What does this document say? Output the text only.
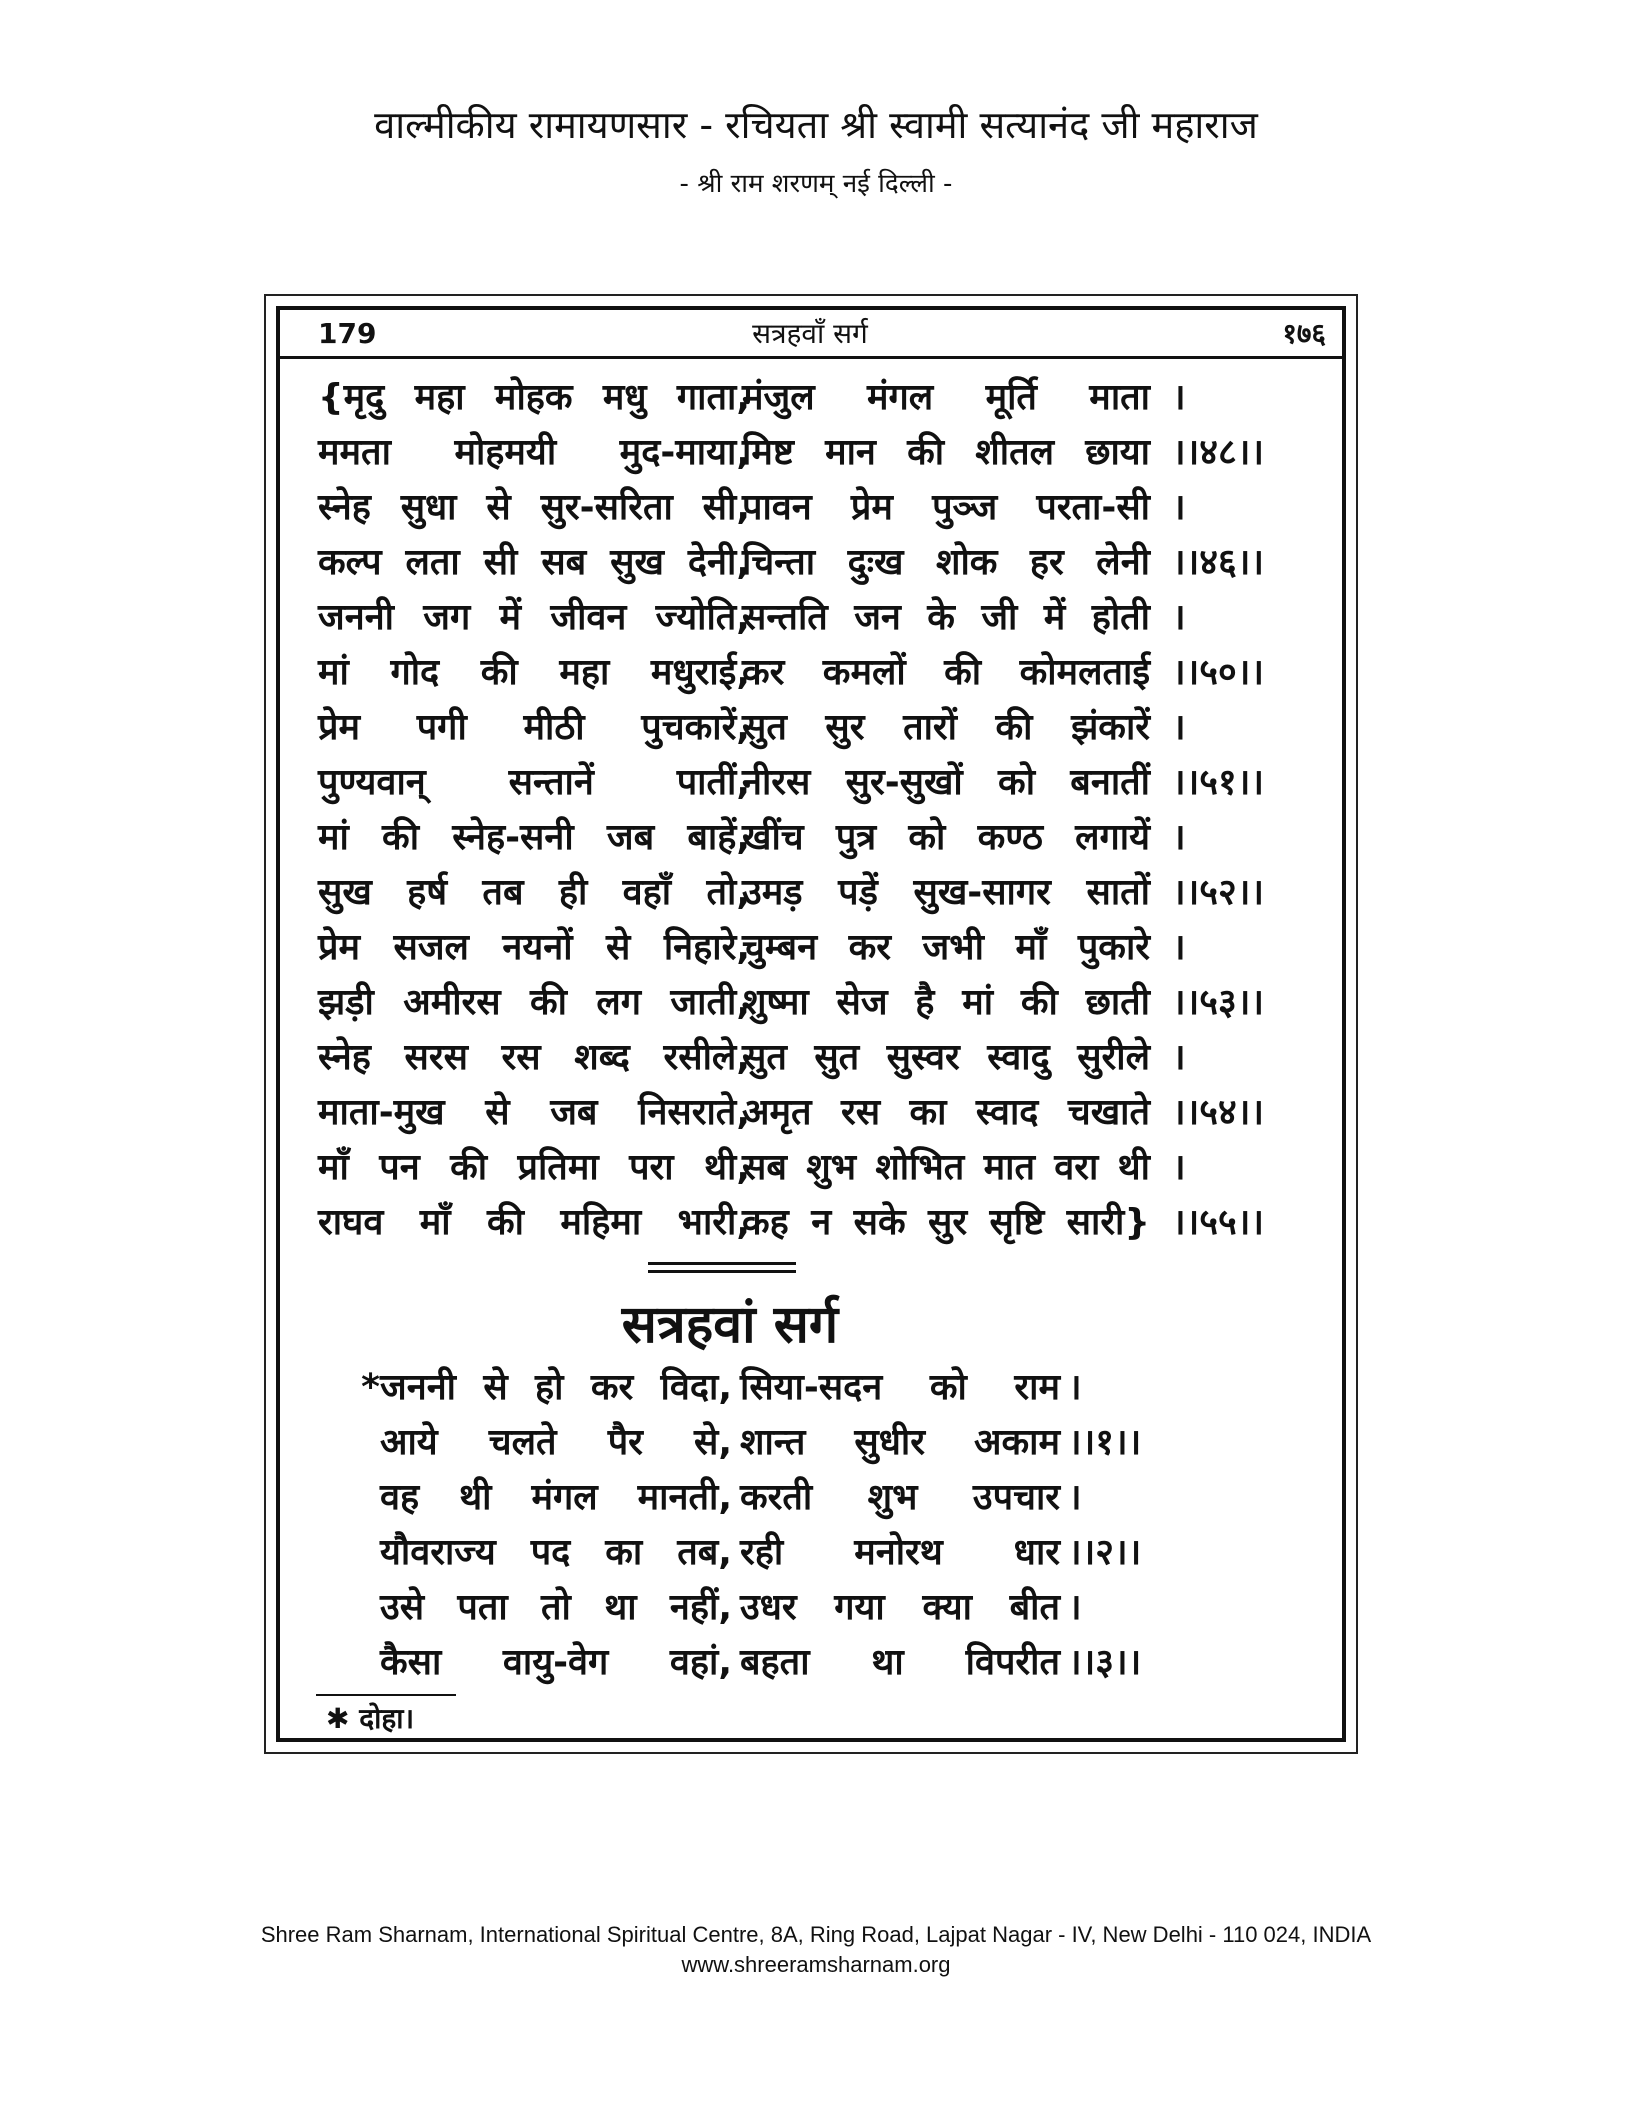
वाल्मीकीय रामायणसार - रचियता श्री स्वामी सत्यानंद जी महाराज
- श्री राम शरणम् नई दिल्ली -
179	सत्रहवाँ सर्ग	१७६
{मृदु महा मोहक मधु गाता,
मंजुल मंगल मूर्ति माता ।
ममता मोहमयी मुद-माया,
मिष्ट मान की शीतल छाया ।।४८।।
स्नेह सुधा से सुर-सरिता सी,
पावन प्रेम पुञ्ज परता-सी ।
कल्प लता सी सब सुख देनी,
चिन्ता दुःख शोक हर लेनी ।।४६।।
जननी जग में जीवन ज्योति,
सन्तति जन के जी में होती ।
मां गोद की महा मधुराई,
कर कमलों की कोमलताई ।।५०।।
प्रेम पगी मीठी पुचकारें,
सुत सुर तारों की झंकारें ।
पुण्यवान् सन्तानें पातीं,
नीरस सुर-सुखों को बनातीं ।।५१।।
मां की स्नेह-सनी जब बाहें,
खींच पुत्र को कण्ठ लगायें ।
सुख हर्ष तब ही वहाँ तो,
उमड़ पड़ें सुख-सागर सातों ।।५२।।
प्रेम सजल नयनों से निहारे,
चुम्बन कर जभी माँ पुकारे ।
झड़ी अमीरस की लग जाती,
शुष्मा सेज है मां की छाती ।।५३।।
स्नेह सरस रस शब्द रसीले,
सुत सुत सुस्वर स्वादु सुरीले ।
माता-मुख से जब निसराते,
अमृत रस का स्वाद चखाते ।।५४।।
माँ पन की प्रतिमा परा थी,
सब शुभ शोभित मात वरा थी ।
राघव माँ की महिमा भारी,
कह न सके सुर सृष्टि सारी} ।।५५।।
सत्रहवां सर्ग
* जननी से हो कर विदा, सिया-सदन को राम ।
आये चलते पैर से, शान्त सुधीर अकाम ।।१।।
वह थी मंगल मानती, करती शुभ उपचार ।
यौवराज्य पद का तब, रही मनोरथ धार ।।२।।
उसे पता तो था नहीं, उधर गया क्या बीत ।
कैसा वायु-वेग वहां, बहता था विपरीत ।।३।।
✱ दोहा।
Shree Ram Sharnam, International Spiritual Centre, 8A, Ring Road, Lajpat Nagar - IV, New Delhi - 110 024, INDIA
www.shreeramsharnam.org
